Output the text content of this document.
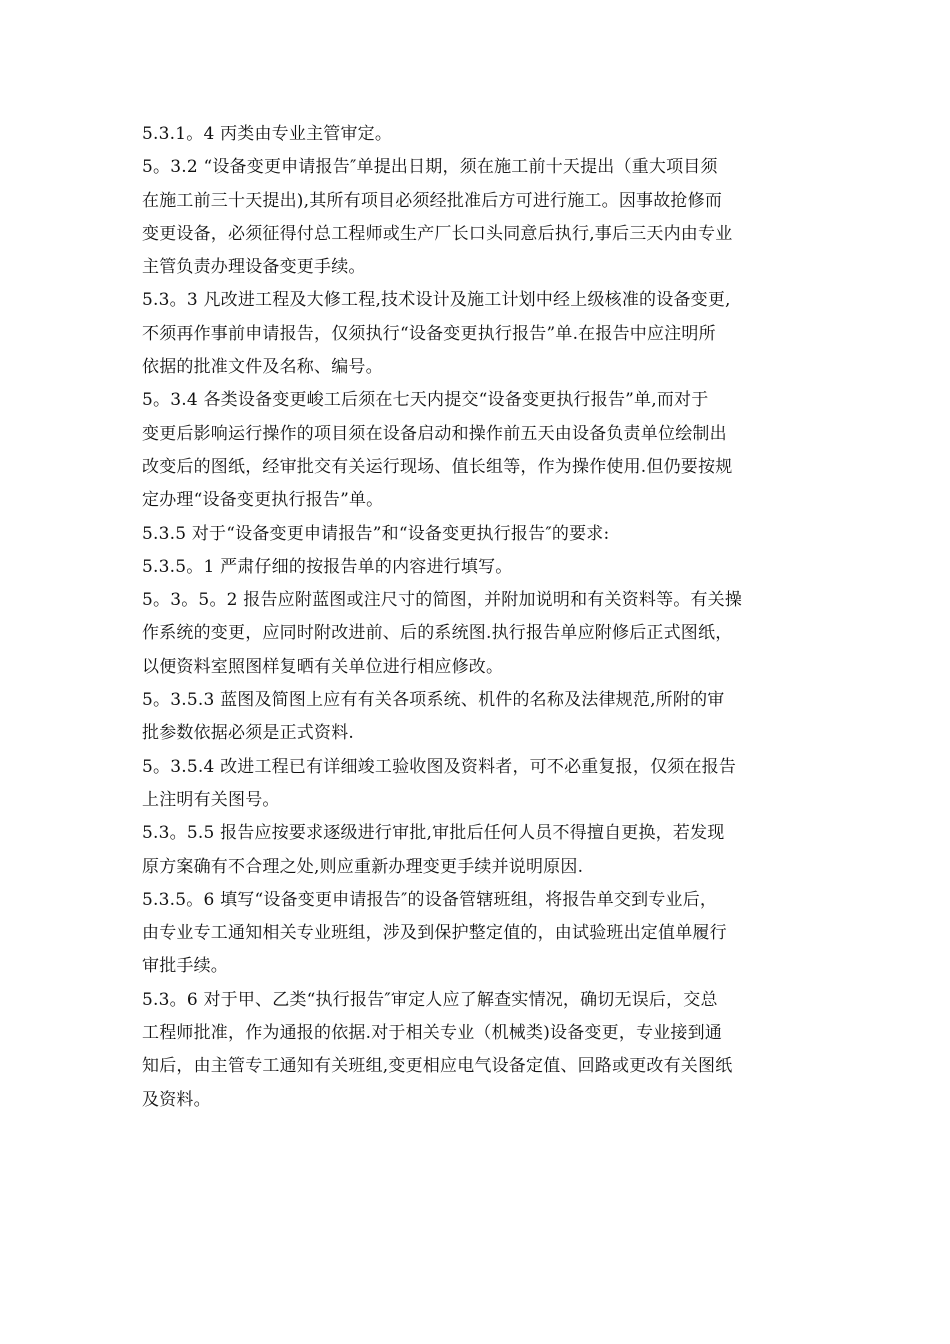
5.3.1。4 丙类由专业主管审定。
5。3.2 “设备变更申请报告″单提出日期，须在施工前十天提出（重大项目须
在施工前三十天提出),其所有项目必须经批准后方可进行施工。因事故抢修而
变更设备，必须征得付总工程师或生产厂长口头同意后执行,事后三天内由专业
主管负责办理设备变更手续。
5.3。3 凡改进工程及大修工程,技术设计及施工计划中经上级核准的设备变更,
不须再作事前申请报告，仅须执行“设备变更执行报告”单.在报告中应注明所
依据的批准文件及名称、编号。
5。3.4 各类设备变更峻工后须在七天内提交“设备变更执行报告”单,而对于
变更后影响运行操作的项目须在设备启动和操作前五天由设备负责单位绘制出
改变后的图纸，经审批交有关运行现场、值长组等，作为操作使用.但仍要按规
定办理“设备变更执行报告”单。
5.3.5 对于“设备变更申请报告”和“设备变更执行报告″的要求:
5.3.5。1 严肃仔细的按报告单的内容进行填写。
5。3。5。2 报告应附蓝图或注尺寸的简图，并附加说明和有关资料等。有关操
作系统的变更，应同时附改进前、后的系统图.执行报告单应附修后正式图纸，
以便资料室照图样复晒有关单位进行相应修改。
5。3.5.3 蓝图及简图上应有有关各项系统、机件的名称及法律规范,所附的审
批参数依据必须是正式资料.
5。3.5.4 改进工程已有详细竣工验收图及资料者，可不必重复报，仅须在报告
上注明有关图号。
5.3。5.5 报告应按要求逐级进行审批,审批后任何人员不得擅自更换，若发现
原方案确有不合理之处,则应重新办理变更手续并说明原因.
5.3.5。6 填写“设备变更申请报告″的设备管辖班组，将报告单交到专业后，
由专业专工通知相关专业班组，涉及到保护整定值的，由试验班出定值单履行
审批手续。
5.3。6 对于甲、乙类“执行报告″审定人应了解查实情况，确切无误后，交总
工程师批准，作为通报的依据.对于相关专业（机械类)设备变更，专业接到通
知后，由主管专工通知有关班组,变更相应电气设备定值、回路或更改有关图纸
及资料。
